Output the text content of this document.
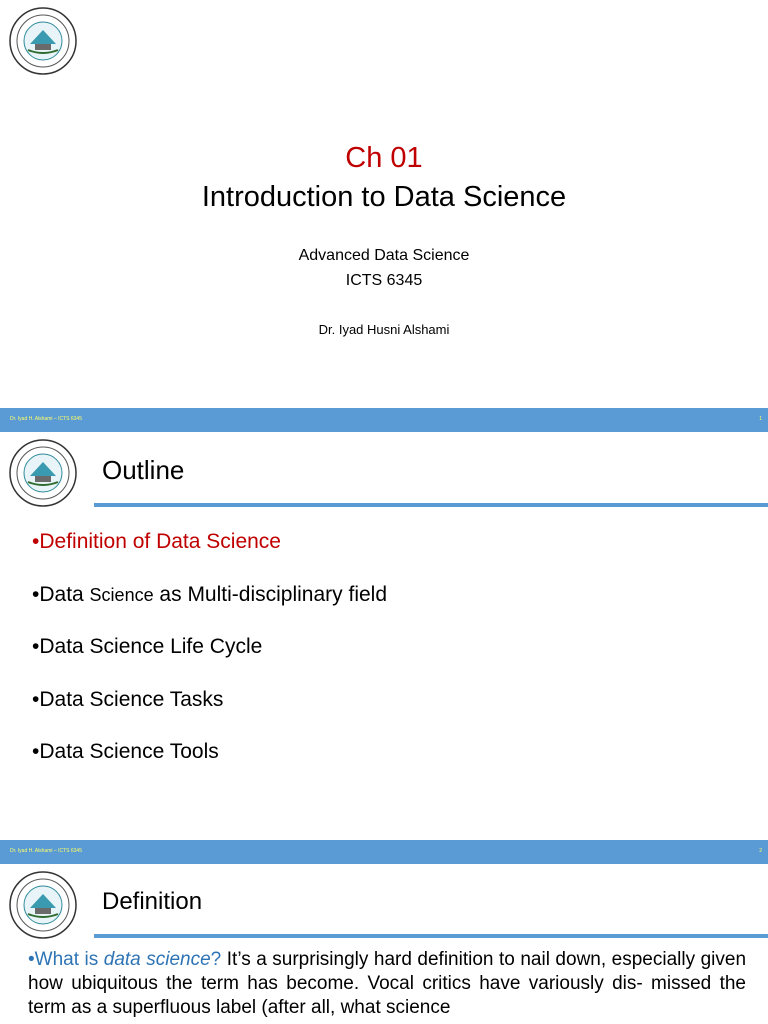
Ch 01
Introduction to Data Science
Advanced Data Science
ICTS 6345
Dr. Iyad Husni Alshami
Dr. Iyad H. Alshami – ICTS 6345	1
Outline
•Definition of Data Science
•Data Science as Multi-disciplinary field
•Data Science Life Cycle
•Data Science Tasks
•Data Science Tools
Dr. Iyad H. Alshami – ICTS 6345	2
Definition
•What is data science? It’s a surprisingly hard definition to nail down, especially given how ubiquitous the term has become. Vocal critics have variously dis- missed the term as a superfluous label (after all, what science
